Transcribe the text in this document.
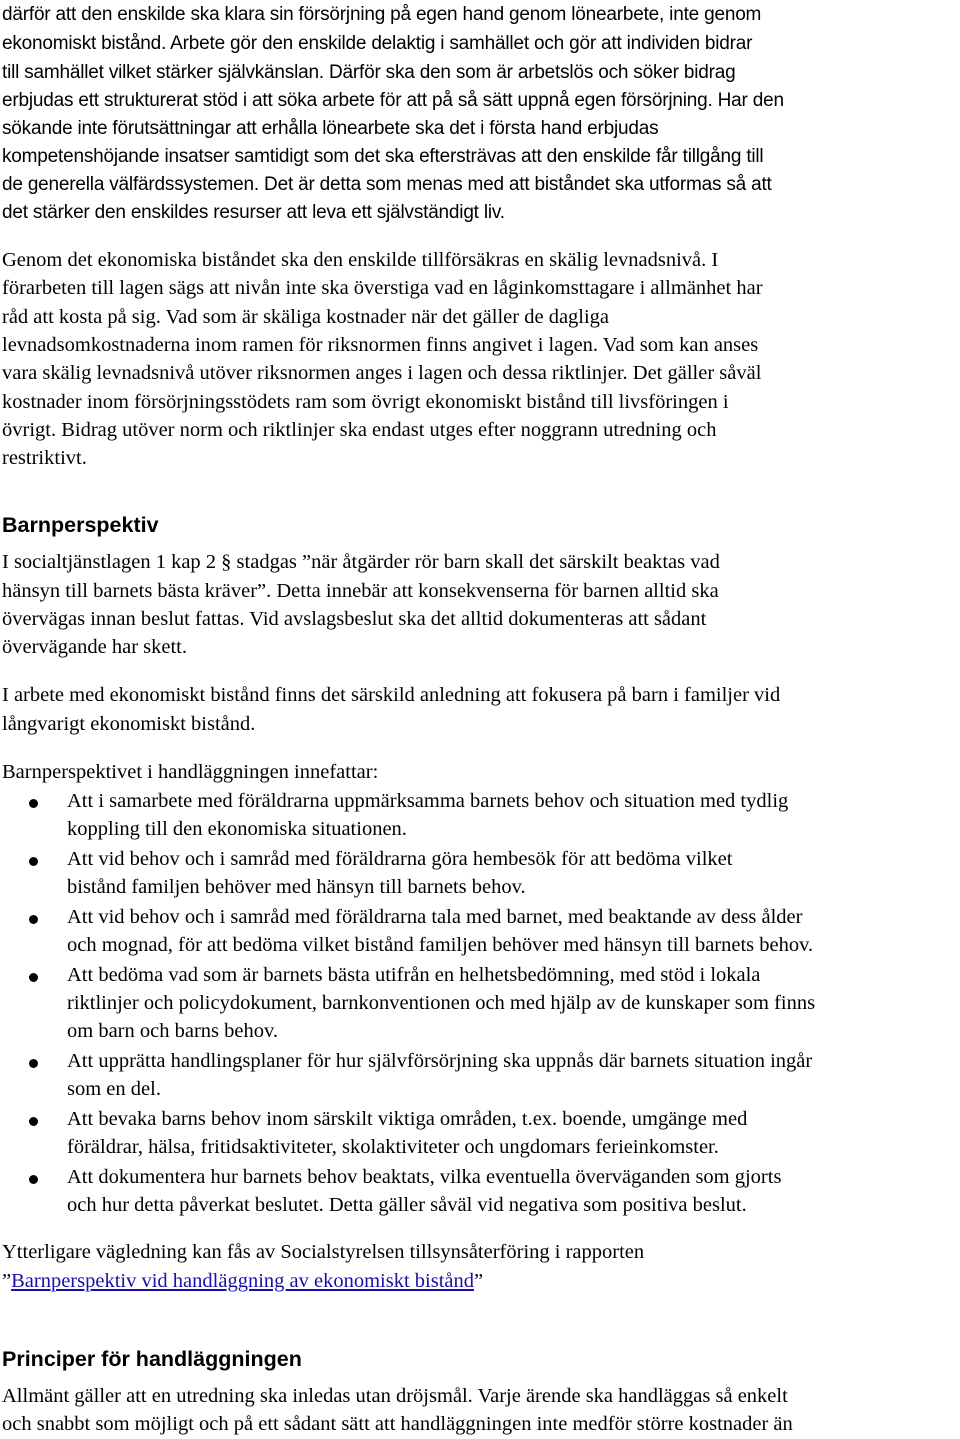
därför att den enskilde ska klara sin försörjning på egen hand genom lönearbete, inte genom
ekonomiskt bistånd. Arbete gör den enskilde delaktig i samhället och gör att individen bidrar
till samhället vilket stärker självkänslan. Därför ska den som är arbetslös och söker bidrag
erbjudas ett strukturerat stöd i att söka arbete för att på så sätt uppnå egen försörjning. Har den
sökande inte förutsättningar att erhålla lönearbete ska det i första hand erbjudas
kompetenshöjande insatser samtidigt som det ska eftersträvas att den enskilde får tillgång till
de generella välfärdssystemen. Det är detta som menas med att biståndet ska utformas så att
det stärker den enskildes resurser att leva ett självständigt liv.
Genom det ekonomiska biståndet ska den enskilde tillförsäkras en skälig levnadsnivå. I
förarbeten till lagen sägs att nivån inte ska överstiga vad en låginkomsttagare i allmänhet har
råd att kosta på sig. Vad som är skäliga kostnader när det gäller de dagliga
levnadsomkostnaderna inom ramen för riksnormen finns angivet i lagen. Vad som kan anses
vara skälig levnadsnivå utöver riksnormen anges i lagen och dessa riktlinjer. Det gäller såväl
kostnader inom försörjningsstödets ram som övrigt ekonomiskt bistånd till livsföringen i
övrigt. Bidrag utöver norm och riktlinjer ska endast utges efter noggrann utredning och
restriktivt.
Barnperspektiv
I socialtjänstlagen 1 kap 2 § stadgas ”när åtgärder rör barn skall det särskilt beaktas vad
hänsyn till barnets bästa kräver”. Detta innebär att konsekvenserna för barnen alltid ska
övervägas innan beslut fattas. Vid avslagsbeslut ska det alltid dokumenteras att sådant
övervägande har skett.
I arbete med ekonomiskt bistånd finns det särskild anledning att fokusera på barn i familjer vid
långvarigt ekonomiskt bistånd.
Barnperspektivet i handläggningen innefattar:
Att i samarbete med föräldrarna uppmärksamma barnets behov och situation med tydlig
koppling till den ekonomiska situationen.
Att vid behov och i samråd med föräldrarna göra hembesök för att bedöma vilket
bistånd familjen behöver med hänsyn till barnets behov.
Att vid behov och i samråd med föräldrarna tala med barnet, med beaktande av dess ålder
och mognad, för att bedöma vilket bistånd familjen behöver med hänsyn till barnets behov.
Att bedöma vad som är barnets bästa utifrån en helhetsbedömning, med stöd i lokala
riktlinjer och policydokument, barnkonventionen och med hjälp av de kunskaper som finns
om barn och barns behov.
Att upprätta handlingsplaner för hur självförsörjning ska uppnås där barnets situation ingår
som en del.
Att bevaka barns behov inom särskilt viktiga områden, t.ex. boende, umgänge med
föräldrar, hälsa, fritidsaktiviteter, skolaktiviteter och ungdomars ferieinkomster.
Att dokumentera hur barnets behov beaktats, vilka eventuella överväganden som gjorts
och hur detta påverkat beslutet. Detta gäller såväl vid negativa som positiva beslut.
Ytterligare vägledning kan fås av Socialstyrelsen tillsynsåterföring i rapporten
”Barnperspektiv vid handläggning av ekonomiskt bistånd”
Principer för handläggningen
Allmänt gäller att en utredning ska inledas utan dröjsmål. Varje ärende ska handläggas så enkelt
och snabbt som möjligt och på ett sådant sätt att handläggningen inte medför större kostnader än
